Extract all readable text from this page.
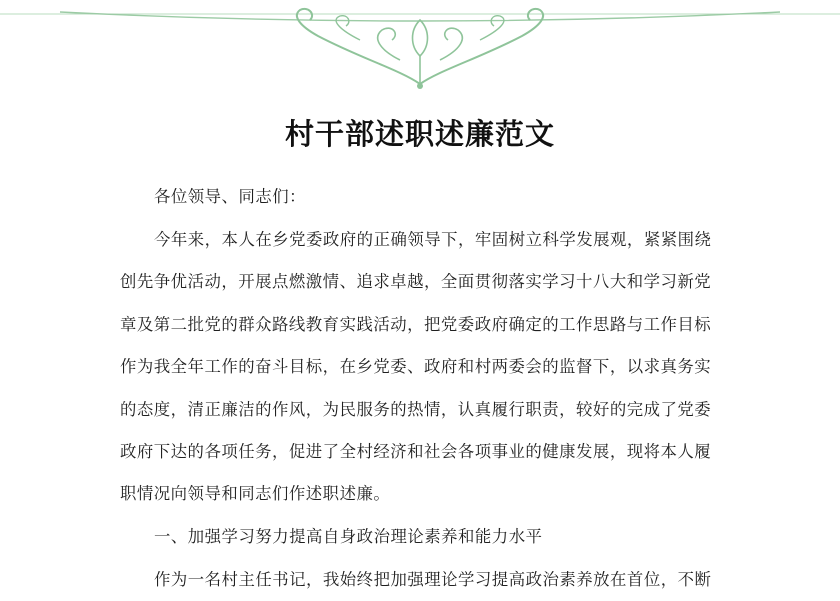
村干部述职述廉范文

各位领导、同志们：

今年来，本人在乡党委政府的正确领导下，牢固树立科学发展观，紧紧围绕
创先争优活动，开展点燃激情、追求卓越，全面贯彻落实学习十八大和学习新党
章及第二批党的群众路线教育实践活动，把党委政府确定的工作思路与工作目标
作为我全年工作的奋斗目标，在乡党委、政府和村两委会的监督下，以求真务实
的态度，清正廉洁的作风，为民服务的热情，认真履行职责，较好的完成了党委
政府下达的各项任务，促进了全村经济和社会各项事业的健康发展，现将本人履
职情况向领导和同志们作述职述廉。

一、加强学习努力提高自身政治理论素养和能力水平

作为一名村主任书记，我始终把加强理论学习提高政治素养放在首位，不断
